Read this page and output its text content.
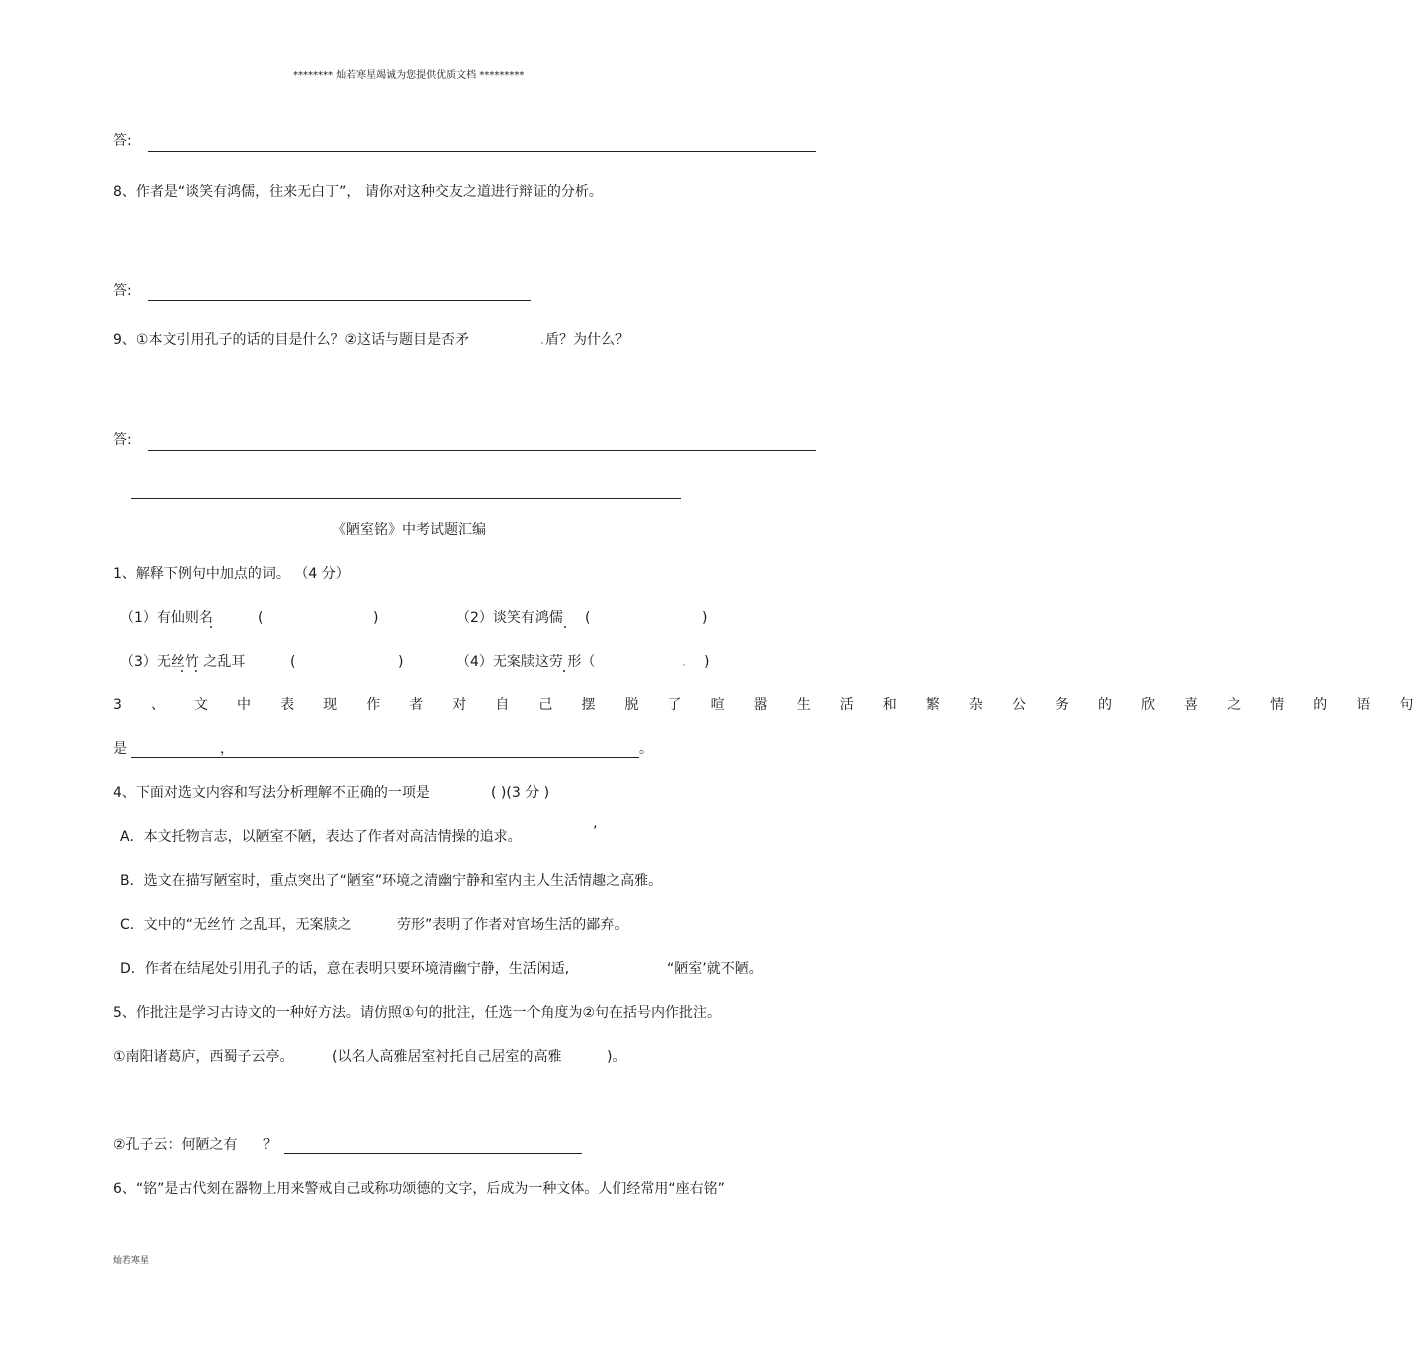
******** 灿若寒星竭诚为您提供优质文档 *********
答:
8、作者是“谈笑有鸿儒，往来无白丁”， 请你对这种交友之道进行辩证的分析。
答:
9、①本文引用孔子的话的目是什么？②这话与题目是否矛	盾？为什么？
答:
《陋室铭》中考试题汇编
1、解释下例句中加点的词。 （4 分）
（1）有仙则名	(	)	（2）谈笑有鸿儒 (	)
（3）无丝竹 之乱耳	(	)	（4）无案牍这劳 形（	)
3 、 文 中 表 现 作 者 对 自 己 摆 脱 了 喧 嚣 生 活 和 繁 杂 公 务 的 欣 喜 之 情 的 语 句
是	，	。
4、下面对选文内容和写法分析理解不正确的一项是	( )(3 分 )
A．本文托物言志，以陋室不陋，表达了作者对高洁情操的追求。	’
B．选文在描写陋室时，重点突出了“陋室”环境之清幽宁静和室内主人生活情趣之高雅。
C．文中的“无丝竹 之乱耳，无案牍之	劳形”表明了作者对官场生活的鄙弃。
D．作者在结尾处引用孔子的话，意在表明只要环境清幽宁静，生活闲适,	“陋室’就不陋。
5、作批注是学习古诗文的一种好方法。请仿照①句的批注，任选一个角度为②句在括号内作批注。
①南阳诸葛庐，西蜀子云亭。	(以名人高雅居室衬托自己居室的高雅	)。
②孔子云：何陋之有 ？
6、“铭”是古代刻在器物上用来警戒自己或称功颂德的文字，后成为一种文体。人们经常用“座右铭”
灿若寒星
